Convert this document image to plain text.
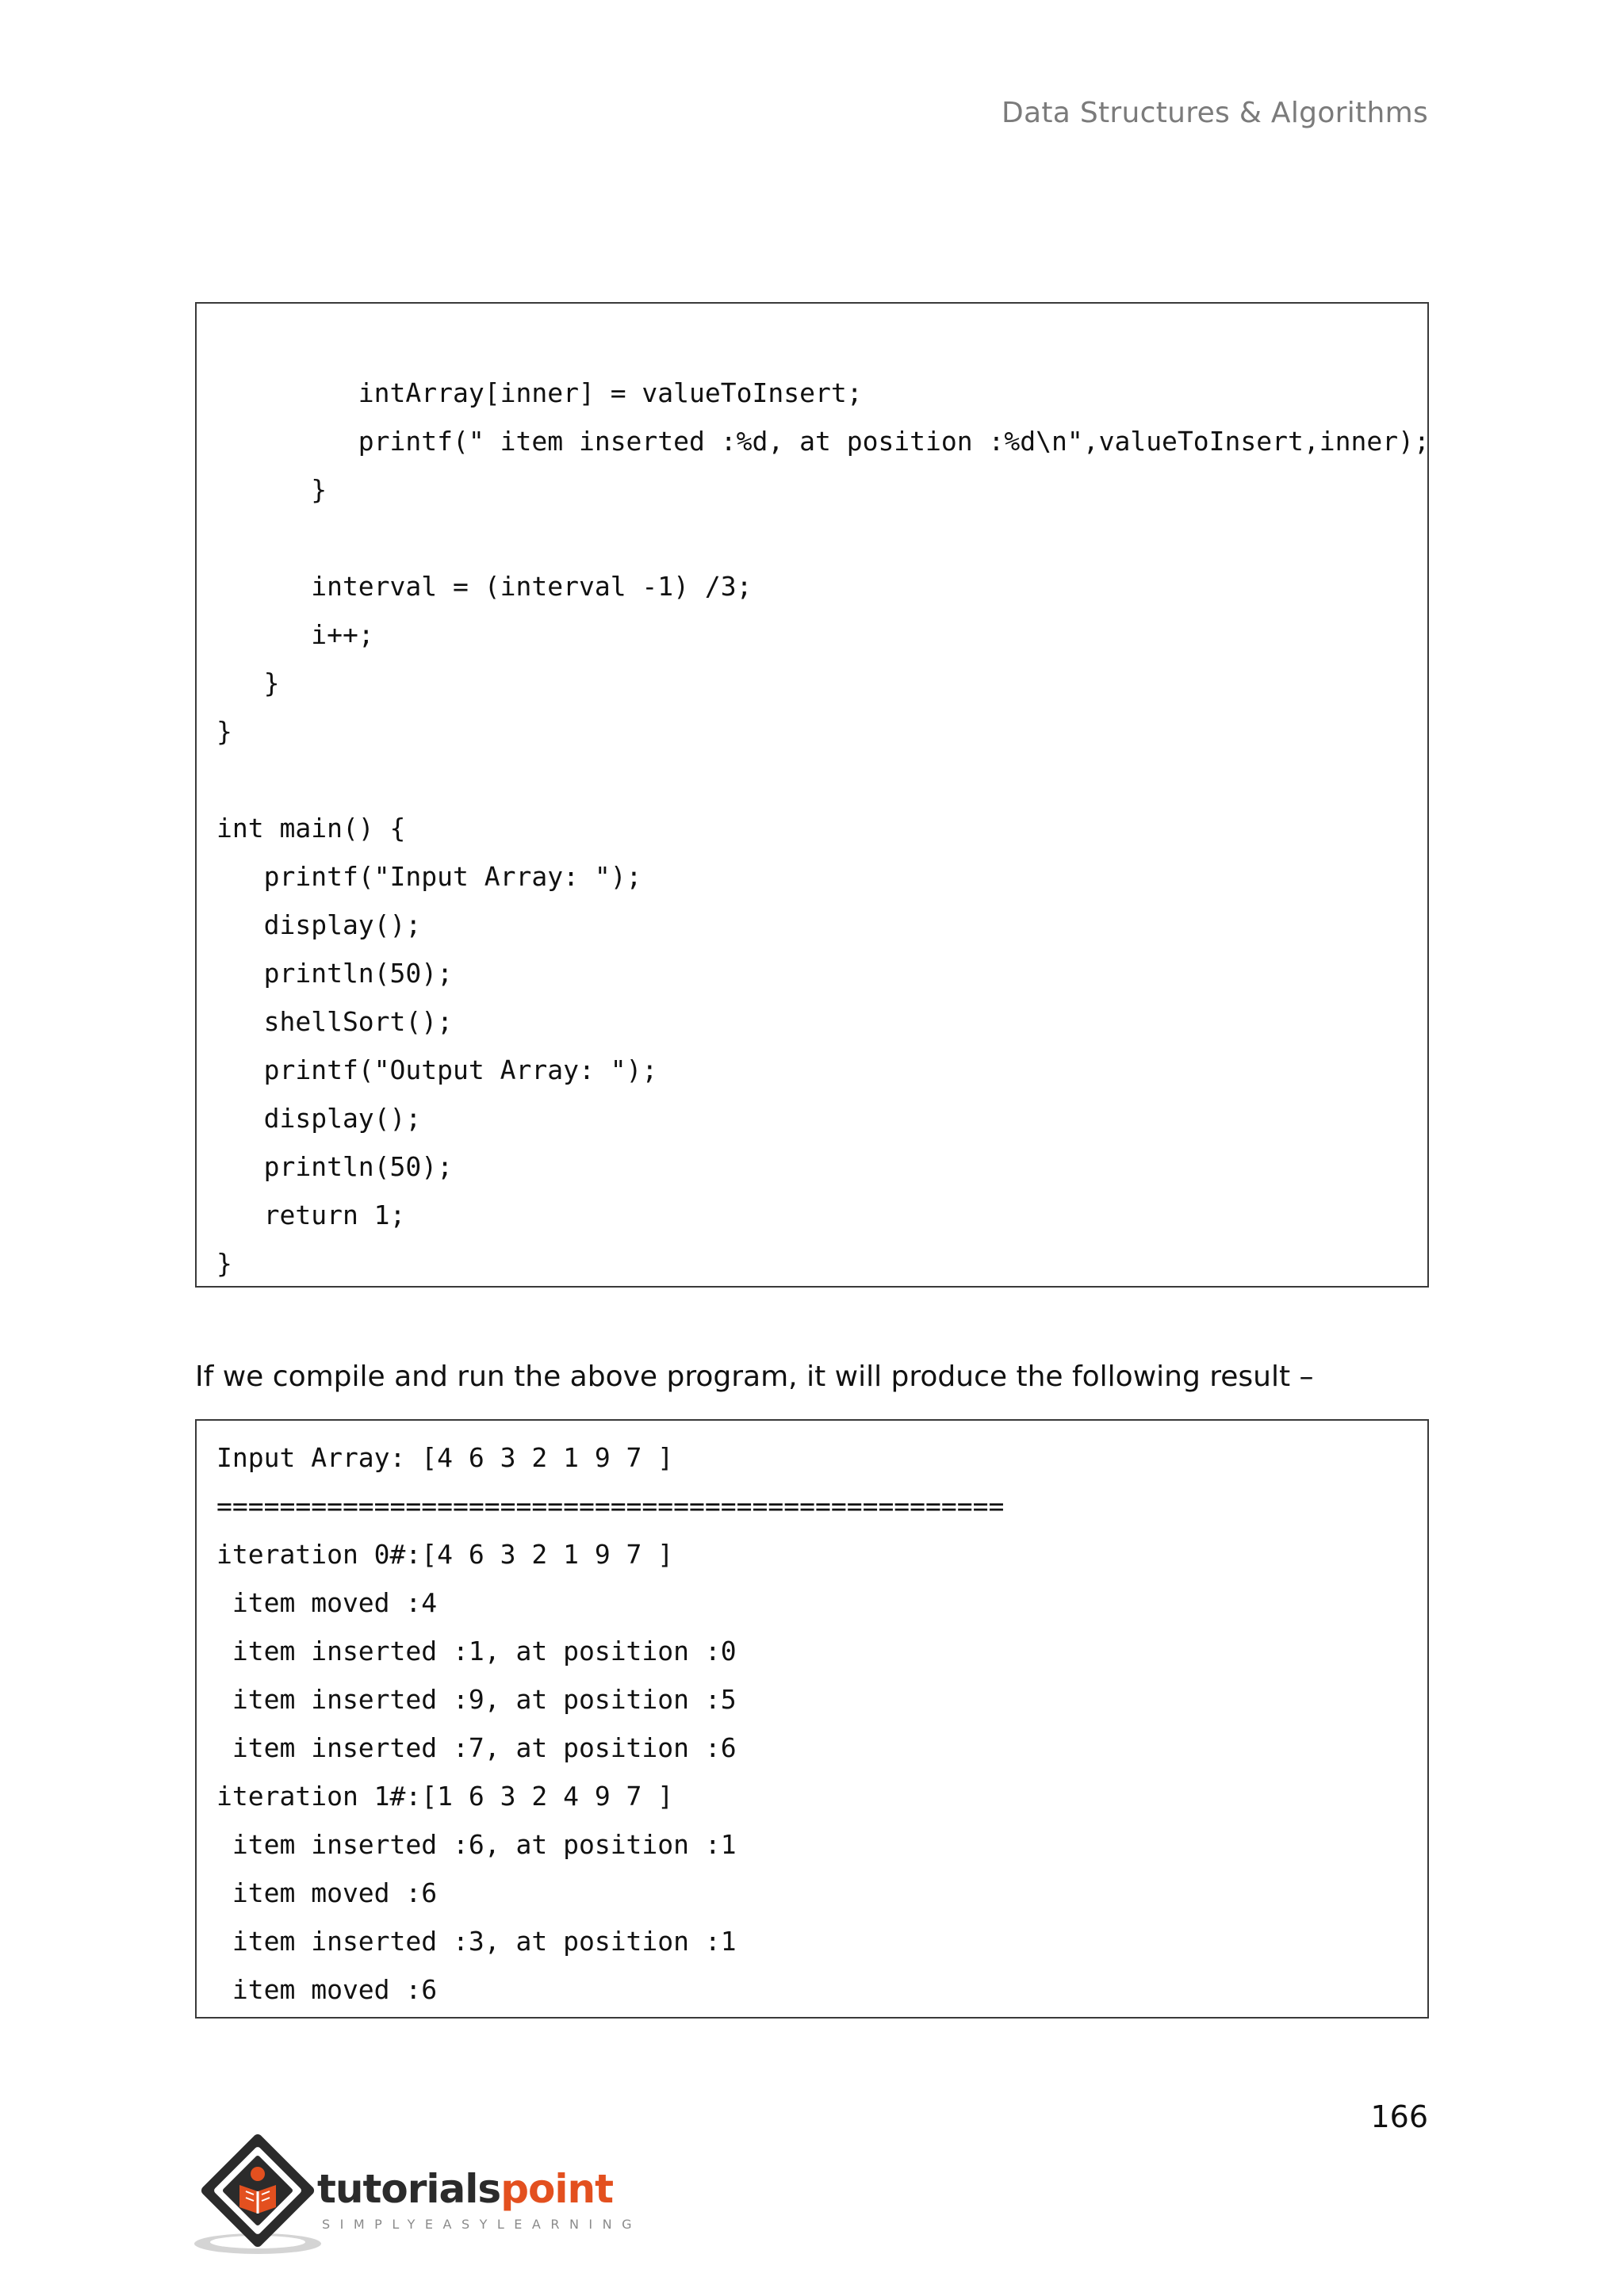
Data Structures & Algorithms
intArray[inner] = valueToInsert;
printf(" item inserted :%d, at position :%d\n",valueToInsert,inner);
}
interval = (interval -1) /3;
i++;
}
}
int main() {
printf("Input Array: ");
display();
println(50);
shellSort();
printf("Output Array: ");
display();
println(50);
return 1;
}
If we compile and run the above program, it will produce the following result –
Input Array: [4 6 3 2 1 9 7 ]
==================================================
iteration 0#:[4 6 3 2 1 9 7 ]
item moved :4
item inserted :1, at position :0
item inserted :9, at position :5
item inserted :7, at position :6
iteration 1#:[1 6 3 2 4 9 7 ]
item inserted :6, at position :1
item moved :6
item inserted :3, at position :1
item moved :6
166
tutorialspoint
SIMPLYEASYLEARNING
